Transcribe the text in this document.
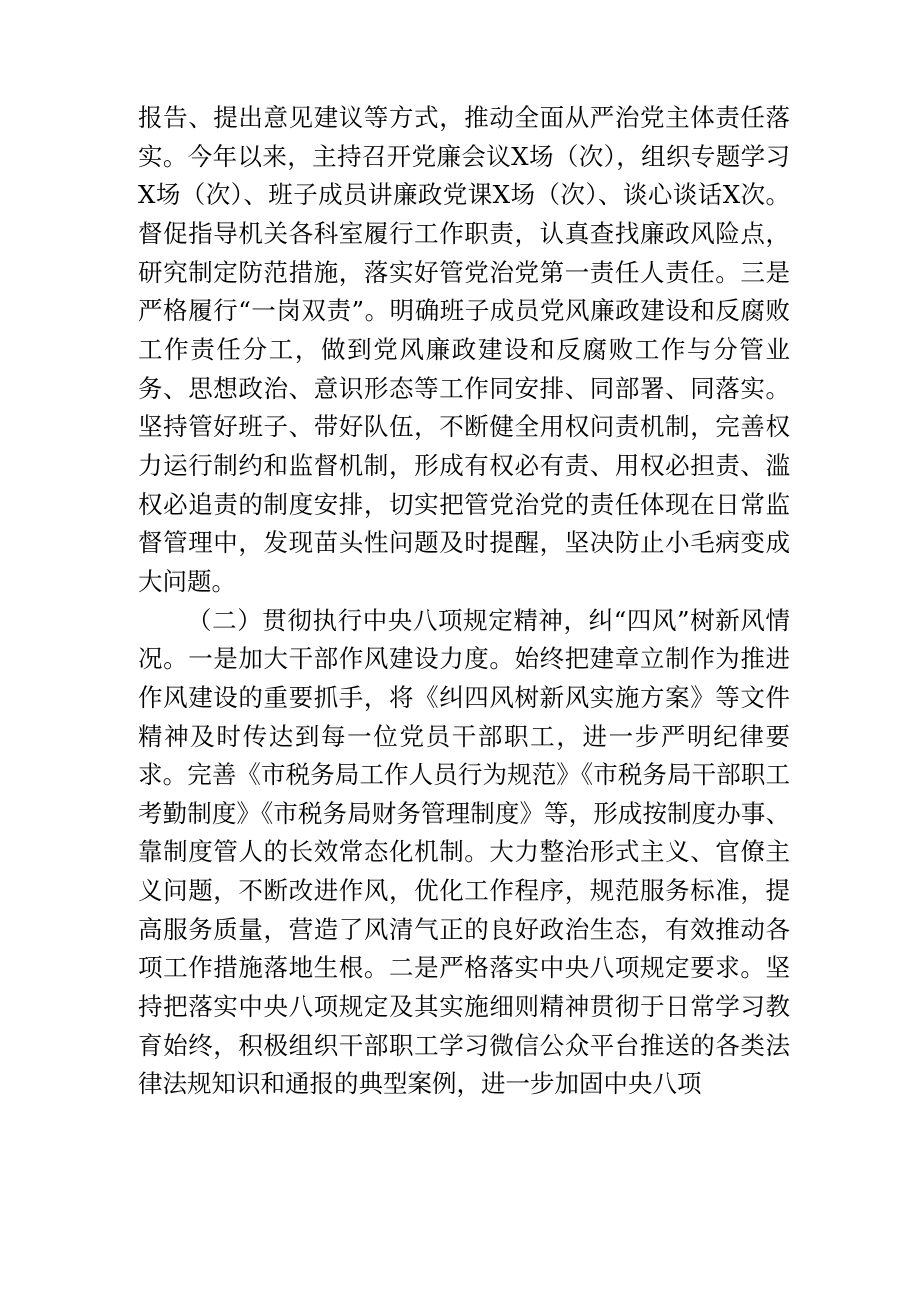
报告、提出意见建议等方式，推动全面从严治党主体责任落实。今年以来，主持召开党廉会议X场（次），组织专题学习X场（次）、班子成员讲廉政党课X场（次）、谈心谈话X次。督促指导机关各科室履行工作职责，认真查找廉政风险点，研究制定防范措施，落实好管党治党第一责任人责任。三是严格履行“一岗双责”。明确班子成员党风廉政建设和反腐败工作责任分工，做到党风廉政建设和反腐败工作与分管业务、思想政治、意识形态等工作同安排、同部署、同落实。坚持管好班子、带好队伍，不断健全用权问责机制，完善权力运行制约和监督机制，形成有权必有责、用权必担责、滥权必追责的制度安排，切实把管党治党的责任体现在日常监督管理中，发现苗头性问题及时提醒，坚决防止小毛病变成大问题。

（二）贯彻执行中央八项规定精神，纠“四风”树新风情况。一是加大干部作风建设力度。始终把建章立制作为推进作风建设的重要抓手，将《纠四风树新风实施方案》等文件精神及时传达到每一位党员干部职工，进一步严明纪律要求。完善《市税务局工作人员行为规范》《市税务局干部职工考勤制度》《市税务局财务管理制度》等，形成按制度办事、靠制度管人的长效常态化机制。大力整治形式主义、官僚主义问题，不断改进作风，优化工作程序，规范服务标准，提高服务质量，营造了风清气正的良好政治生态，有效推动各项工作措施落地生根。二是严格落实中央八项规定要求。坚持把落实中央八项规定及其实施细则精神贯彻于日常学习教育始终，积极组织干部职工学习微信公众平台推送的各类法律法规知识和通报的典型案例，进一步加固中央八项
